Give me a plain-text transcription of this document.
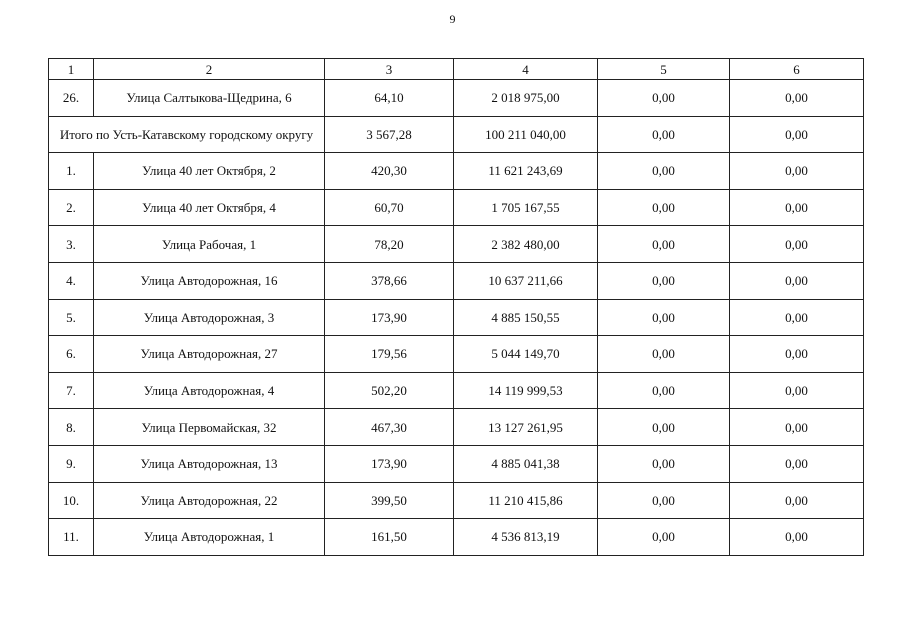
9
1	2	3	4	5	6
26.	Улица Салтыкова-Щедрина, 6	64,10	2 018 975,00	0,00	0,00
Итого по Усть-Катавскому городскому округу		3 567,28	100 211 040,00	0,00	0,00
1.	Улица 40 лет Октября, 2	420,30	11 621 243,69	0,00	0,00
2.	Улица 40 лет Октября, 4	60,70	1 705 167,55	0,00	0,00
3.	Улица Рабочая, 1	78,20	2 382 480,00	0,00	0,00
4.	Улица Автодорожная, 16	378,66	10 637 211,66	0,00	0,00
5.	Улица Автодорожная, 3	173,90	4 885 150,55	0,00	0,00
6.	Улица Автодорожная, 27	179,56	5 044 149,70	0,00	0,00
7.	Улица Автодорожная, 4	502,20	14 119 999,53	0,00	0,00
8.	Улица Первомайская, 32	467,30	13 127 261,95	0,00	0,00
9.	Улица Автодорожная, 13	173,90	4 885 041,38	0,00	0,00
10.	Улица Автодорожная, 22	399,50	11 210 415,86	0,00	0,00
11.	Улица Автодорожная, 1	161,50	4 536 813,19	0,00	0,00
